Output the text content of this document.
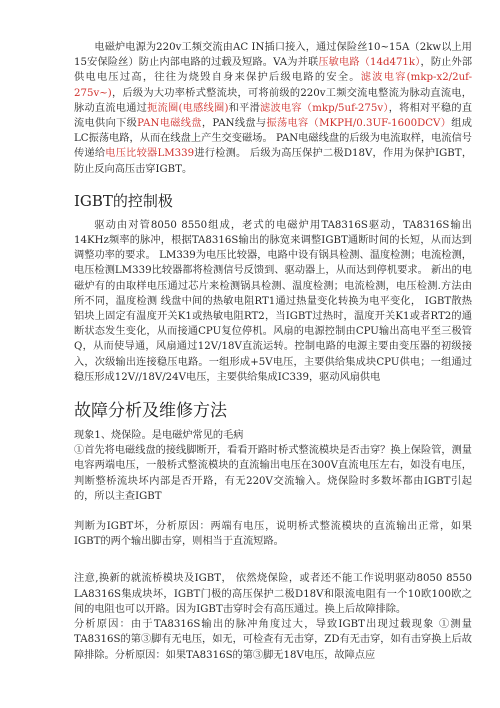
电磁炉电源为220v工频交流由AC IN插口接入，通过保险丝10~15A（2kw以上用15安保险丝）防止内部电路的过载及短路。VA为并联压敏电路（14d471k），防止外部供电电压过高，往往为烧毁自身来保护后级电路的安全。滤波电容(mkp-x2/2uf-275v~)，后级为大功率桥式整流块，可将前级的220v工频交流电整流为脉动直流电，脉动直流电通过扼流圈(电感线圈)和平滑滤波电容（mkp/5uf-275v），将相对平稳的直流电供向下级PAN电磁线盘，PAN线盘与振荡电容（MKPH/0.3UF-1600DCV）组成LC振荡电路，从而在线盘上产生交变磁场。 PAN电磁线盘的后级为电流取样，电流信号传递给电压比较器LM339进行检测。 后级为高压保护二极D18V，作用为保护IGBT，防止反向高压击穿IGBT。

IGBT的控制极

驱动由对管8050 8550组成，老式的电磁炉用TA8316S驱动，TA8316S输出14KHz频率的脉冲，根据TA8316S输出的脉宽来调整IGBT通断时间的长短，从而达到调整功率的要求。 LM339为电压比较器，电路中设有锅具检测、温度检测；电流检测，电压检测LM339比较器都将检测信号反馈到、驱动器上，从而达到停机要求。 新出的电磁炉有的由取样电压通过芯片来检测锅具检测、温度检测；电流检测，电压检测.方法由所不同，温度检测 线盘中间的热敏电阻RT1通过热量变化转换为电平变化， IGBT散热铝块上固定有温度开关K1或热敏电阻RT2，当IGBT过热时，温度开关K1或者RT2的通断状态发生变化，从而接通CPU复位停机。风扇的电源控制由CPU输出高电平至三极管Q，从而使导通，风扇通过12V/18V直流运转。控制电路的电源主要由变压器的初级接入，次级输出连接稳压电路。一组形成+5V电压，主要供给集成块CPU供电；一组通过稳压形成12V//18V/24V电压，主要供给集成IC339，驱动风扇供电

故障分析及维修方法

现象1、烧保险。是电磁炉常见的毛病

①首先将电磁线盘的接线脚断开，看看开路时桥式整流模块是否击穿？换上保险管，测量电容两端电压，一般桥式整流模块的直流输出电压在300V直流电压左右，如没有电压，判断整桥流块坏内部是否开路，有无220V交流输入。烧保险时多数坏都由IGBT引起的，所以主查IGBT

判断为IGBT坏，分析原因：两端有电压，说明桥式整流模块的直流输出正常，如果IGBT的两个输出脚击穿，则相当于直流短路。

注意,换新的就流桥模块及IGBT， 依然烧保险，或者还不能工作说明驱动8050 8550 LA8316S集成块坏，IGBT门极的高压保护二极D18V和限流电阻有一个10欧100欧之间的电阻也可以开路。因为IGBT击穿时会有高压通过。换上后故障排除。

分析原因：由于TA8316S输出的脉冲角度过大，导致IGBT出现过载现象 ①测量TA8316S的第③脚有无电压，如无，可检查有无击穿，ZD有无击穿，如有击穿换上后故障排除。分析原因：如果TA8316S的第③脚无18V电压，故障点应
